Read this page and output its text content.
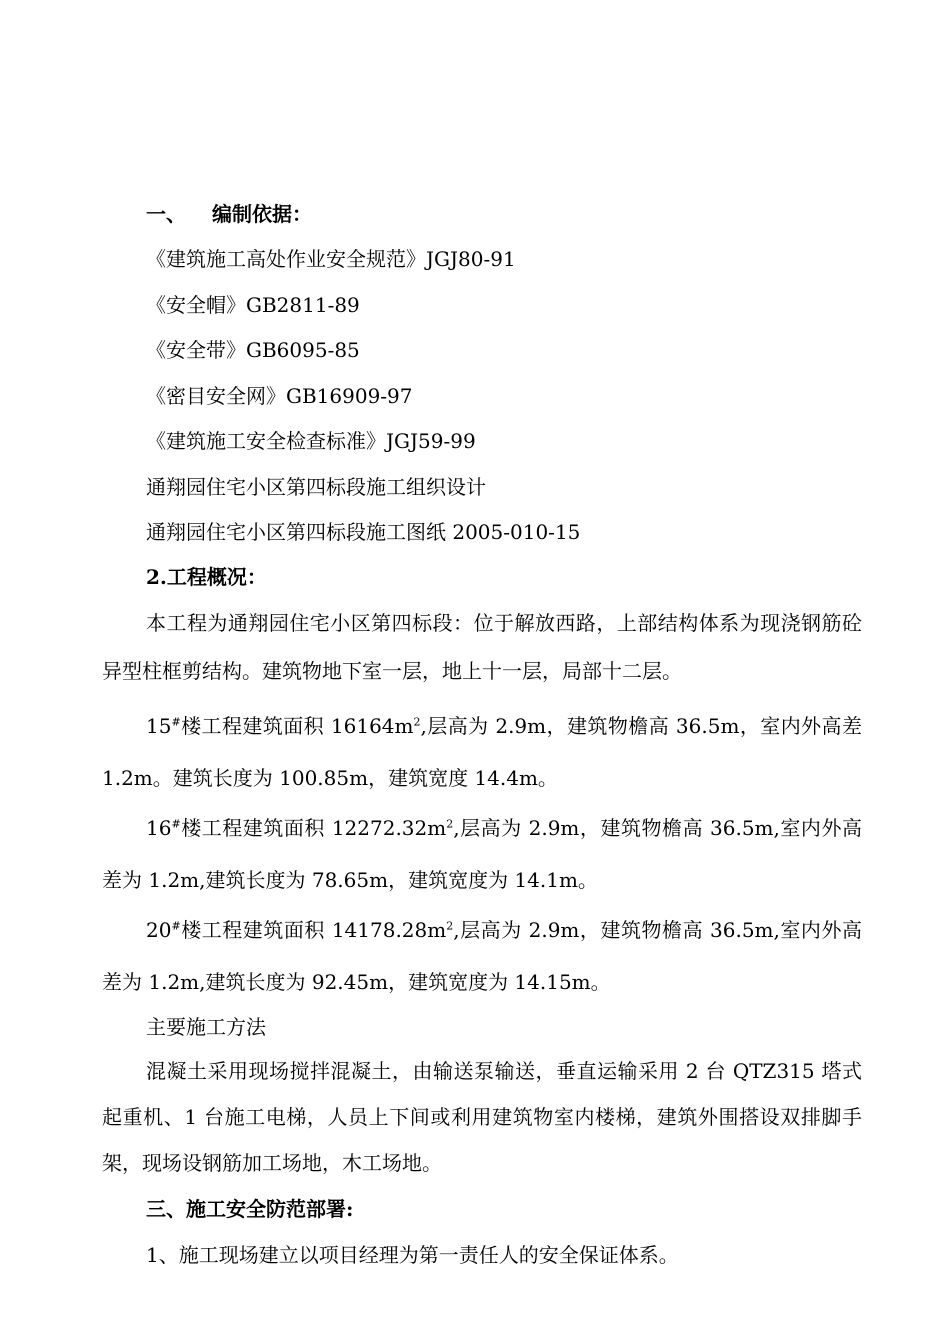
一、 编制依据：
《建筑施工高处作业安全规范》JGJ80-91
《安全帽》GB2811-89
《安全带》GB6095-85
《密目安全网》GB16909-97
《建筑施工安全检查标准》JGJ59-99
通翔园住宅小区第四标段施工组织设计
通翔园住宅小区第四标段施工图纸 2005-010-15
2.工程概况：
本工程为通翔园住宅小区第四标段：位于解放西路，上部结构体系为现浇钢筋砼异型柱框剪结构。建筑物地下室一层，地上十一层，局部十二层。
15#楼工程建筑面积 $16164m^2$,层高为 2.9m，建筑物檐高 36.5m，室内外高差 1.2m。建筑长度为 100.85m，建筑宽度 14.4m。
16#楼工程建筑面积 $12272.32m^2$,层高为 2.9m，建筑物檐高 36.5m,室内外高差为 1.2m,建筑长度为 78.65m，建筑宽度为 14.1m。
20#楼工程建筑面积 $14178.28m^2$,层高为 2.9m，建筑物檐高 36.5m,室内外高差为 1.2m,建筑长度为 92.45m，建筑宽度为 14.15m。
主要施工方法
混凝土采用现场搅拌混凝土，由输送泵输送，垂直运输采用 2 台 QTZ315 塔式起重机、1 台施工电梯，人员上下间或利用建筑物室内楼梯，建筑外围搭设双排脚手架，现场设钢筋加工场地，木工场地。
三、施工安全防范部署:
1、施工现场建立以项目经理为第一责任人的安全保证体系。
